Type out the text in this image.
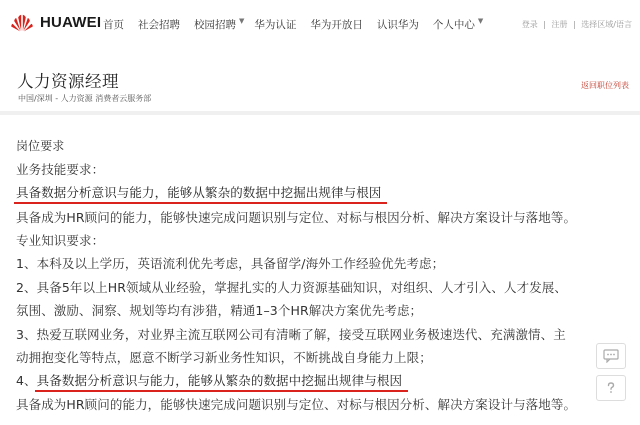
HUAWEI 首页 社会招聘 校园招聘 ▼ 华为认证 华为开放日 认识华为 个人中心 ▼	登录 | 注册 | 选择区域/语言
人力资源经理
中国/深圳 - 人力资源 消费者云服务部
返回职位列表
岗位要求
业务技能要求：
具备数据分析意识与能力，能够从繁杂的数据中挖掘出规律与根因
具备成为HR顾问的能力，能够快速完成问题识别与定位、对标与根因分析、解决方案设计与落地等。
专业知识要求：
1、本科及以上学历，英语流利优先考虑，具备留学/海外工作经验优先考虑；
2、具备5年以上HR领域从业经验，掌握扎实的人力资源基础知识，对组织、人才引入、人才发展、
氛围、激励、洞察、规划等均有涉猎，精通1–3个HR解决方案优先考虑；
3、热爱互联网业务，对业界主流互联网公司有清晰了解，接受互联网业务极速迭代、充满激情、主
动拥抱变化等特点，愿意不断学习新业务性知识，不断挑战自身能力上限；
4、具备数据分析意识与能力，能够从繁杂的数据中挖掘出规律与根因
具备成为HR顾问的能力，能够快速完成问题识别与定位、对标与根因分析、解决方案设计与落地等。
